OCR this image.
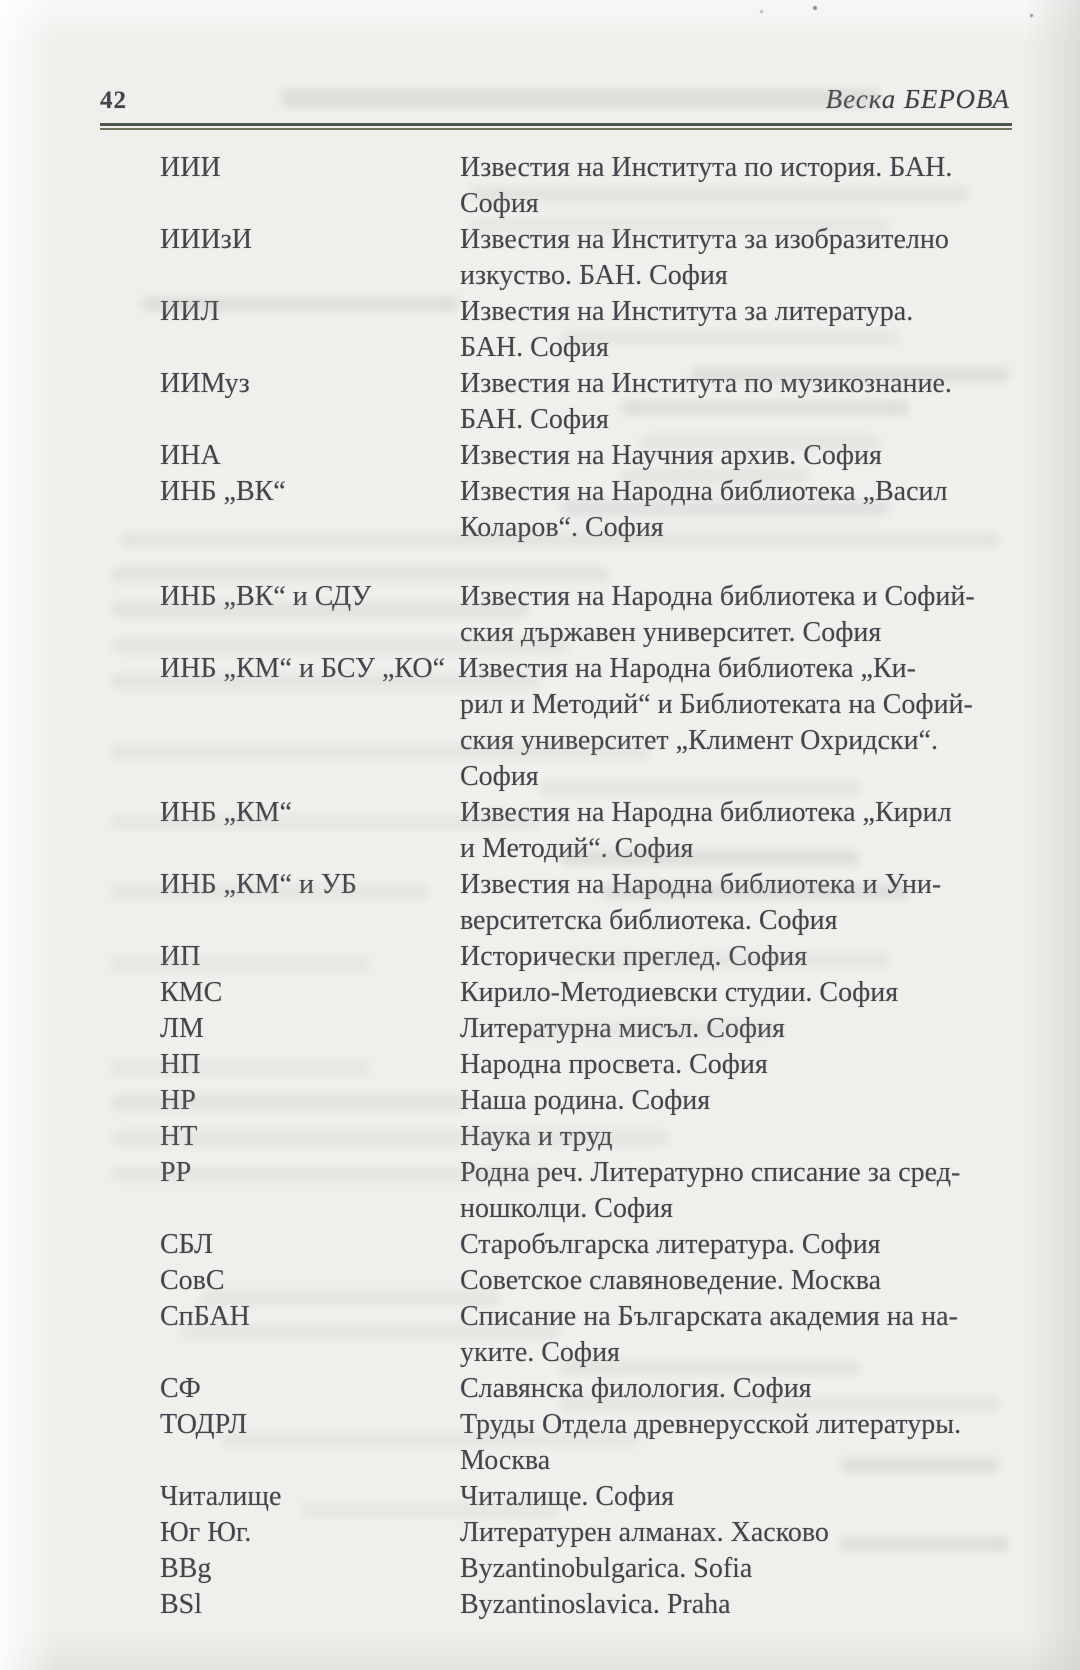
42	Веска БЕРОВА
ИИИ	Известия на Института по история. БАН.
София
ИИИзИ	Известия на Института за изобразително
изкуство. БАН. София
ИИЛ	Известия на Института за литература.
БАН. София
ИИМуз	Известия на Института по музикознание.
БАН. София
ИНА	Известия на Научния архив. София
ИНБ „ВК“	Известия на Народна библиотека „Васил
Коларов“. София
ИНБ „ВК“ и СДУ	Известия на Народна библиотека и Софий-
ския държавен университет. София
ИНБ „КМ“ и БСУ „КО“ Известия на Народна библиотека „Ки-
рил и Методий“ и Библиотеката на Софий-
ския университет „Климент Охридски“.
София
ИНБ „КМ“	Известия на Народна библиотека „Кирил
и Методий“. София
ИНБ „КМ“ и УБ	Известия на Народна библиотека и Уни-
верситетска библиотека. София
ИП	Исторически преглед. София
КМС	Кирило-Методиевски студии. София
ЛМ	Литературна мисъл. София
НП	Народна просвета. София
НР	Наша родина. София
НТ	Наука и труд
РР	Родна реч. Литературно списание за сред-
ношколци. София
СБЛ	Старобългарска литература. София
СовС	Советское славяноведение. Москва
СпБАН	Списание на Българската академия на на-
уките. София
СФ	Славянска филология. София
ТОДРЛ	Труды Отдела древнерусской литературы.
Москва
Читалище	Читалище. София
Юг Юг.	Литературен алманах. Хасково
BBg	Byzantinobulgarica. Sofia
BSl	Byzantinoslavica. Praha
